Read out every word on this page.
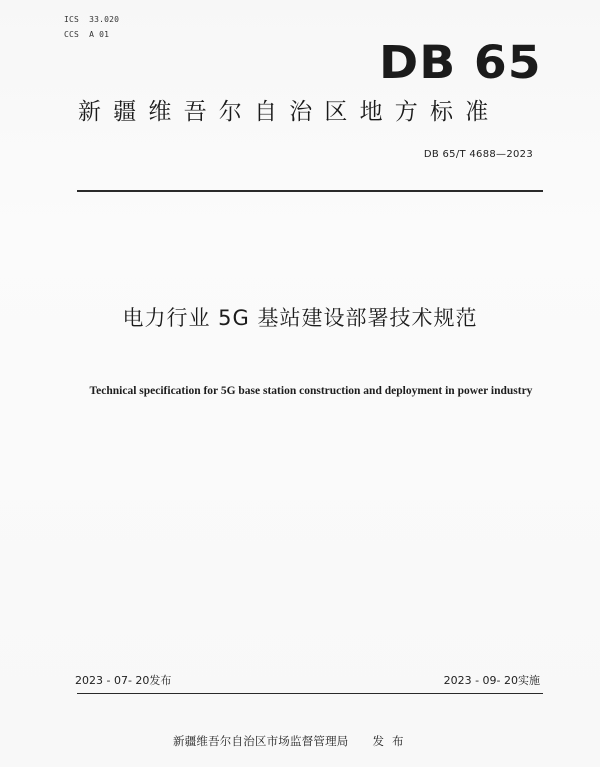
ICS  33.020
CCS  A 01
DB 65
新疆维吾尔自治区地方标准
DB 65/T 4688—2023
电力行业 5G 基站建设部署技术规范
Technical specification for 5G base station construction and deployment in power industry
2023 - 07- 20发布	2023 - 09- 20实施
新疆维吾尔自治区市场监督管理局 发布
